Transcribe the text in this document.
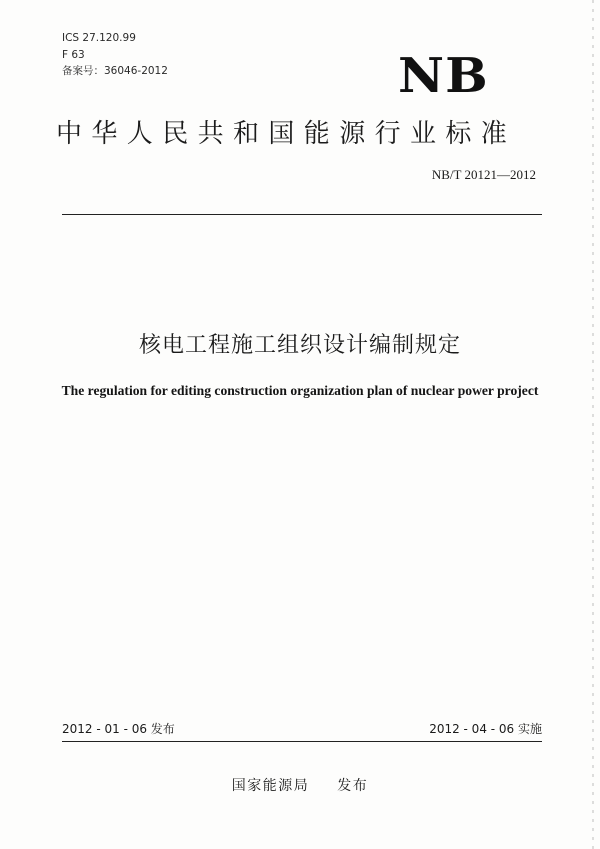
ICS 27.120.99
F 63
备案号：36046-2012	NB
中华人民共和国能源行业标准
NB/T 20121—2012
核电工程施工组织设计编制规定
The regulation for editing construction organization plan of nuclear power project
2012 - 01 - 06 发布	2012 - 04 - 06 实施
国家能源局 发布
